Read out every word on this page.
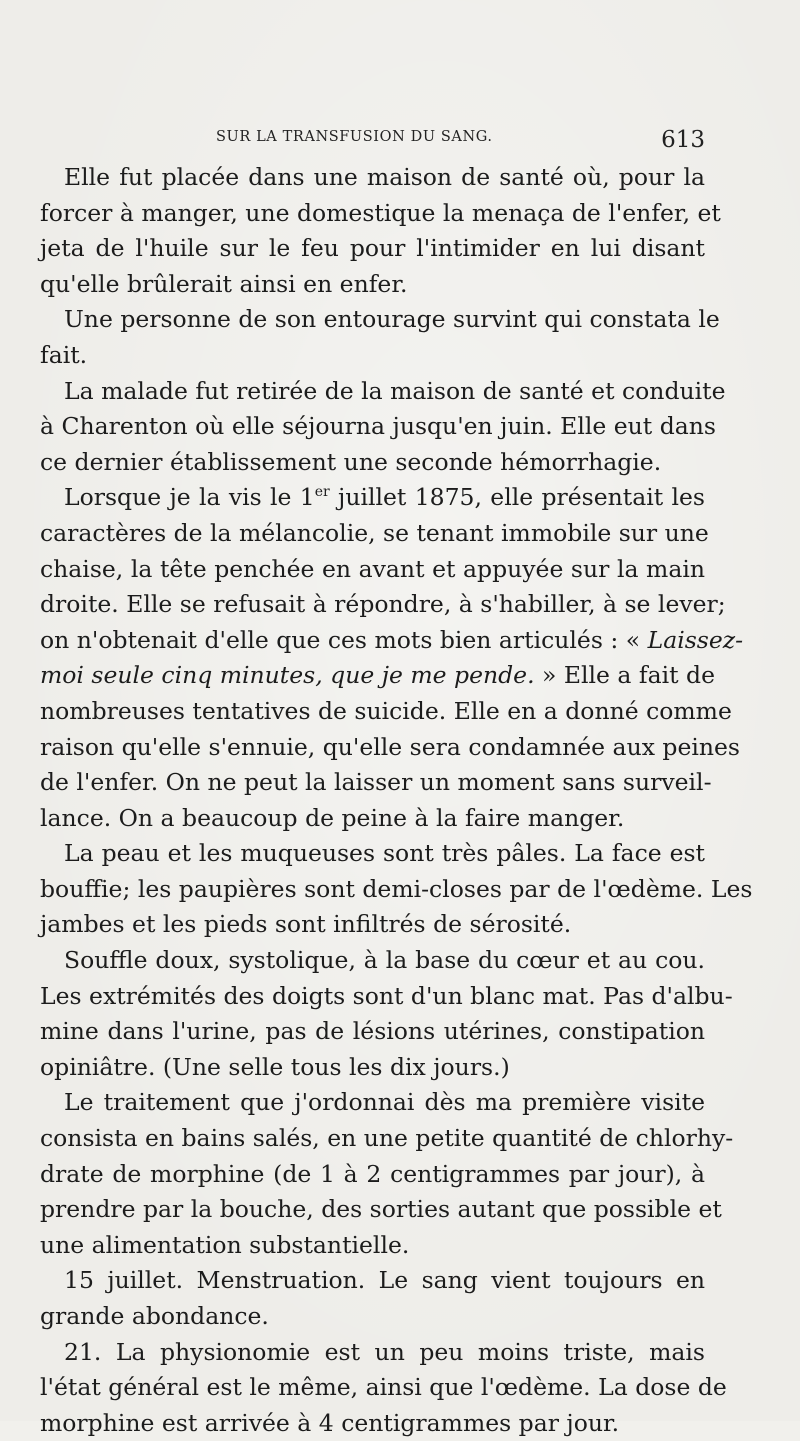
SUR LA TRANSFUSION DU SANG.	613
Elle fut placée dans une maison de santé où, pour la
forcer à manger, une domestique la menaça de l'enfer, et
jeta de l'huile sur le feu pour l'intimider en lui disant
qu'elle brûlerait ainsi en enfer.
Une personne de son entourage survint qui constata le
fait.
La malade fut retirée de la maison de santé et conduite
à Charenton où elle séjourna jusqu'en juin. Elle eut dans
ce dernier établissement une seconde hémorrhagie.
Lorsque je la vis le 1er juillet 1875, elle présentait les
caractères de la mélancolie, se tenant immobile sur une
chaise, la tête penchée en avant et appuyée sur la main
droite. Elle se refusait à répondre, à s'habiller, à se lever;
on n'obtenait d'elle que ces mots bien articulés : « Laissez-
moi seule cinq minutes, que je me pende. » Elle a fait de
nombreuses tentatives de suicide. Elle en a donné comme
raison qu'elle s'ennuie, qu'elle sera condamnée aux peines
de l'enfer. On ne peut la laisser un moment sans surveil-
lance. On a beaucoup de peine à la faire manger.
La peau et les muqueuses sont très pâles. La face est
bouffie; les paupières sont demi-closes par de l'œdème. Les
jambes et les pieds sont infiltrés de sérosité.
Souffle doux, systolique, à la base du cœur et au cou.
Les extrémités des doigts sont d'un blanc mat. Pas d'albu-
mine dans l'urine, pas de lésions utérines, constipation
opiniâtre. (Une selle tous les dix jours.)
Le traitement que j'ordonnai dès ma première visite
consista en bains salés, en une petite quantité de chlorhy-
drate de morphine (de 1 à 2 centigrammes par jour), à
prendre par la bouche, des sorties autant que possible et
une alimentation substantielle.
15 juillet. Menstruation. Le sang vient toujours en
grande abondance.
21. La physionomie est un peu moins triste, mais
l'état général est le même, ainsi que l'œdème. La dose de
morphine est arrivée à 4 centigrammes par jour.
